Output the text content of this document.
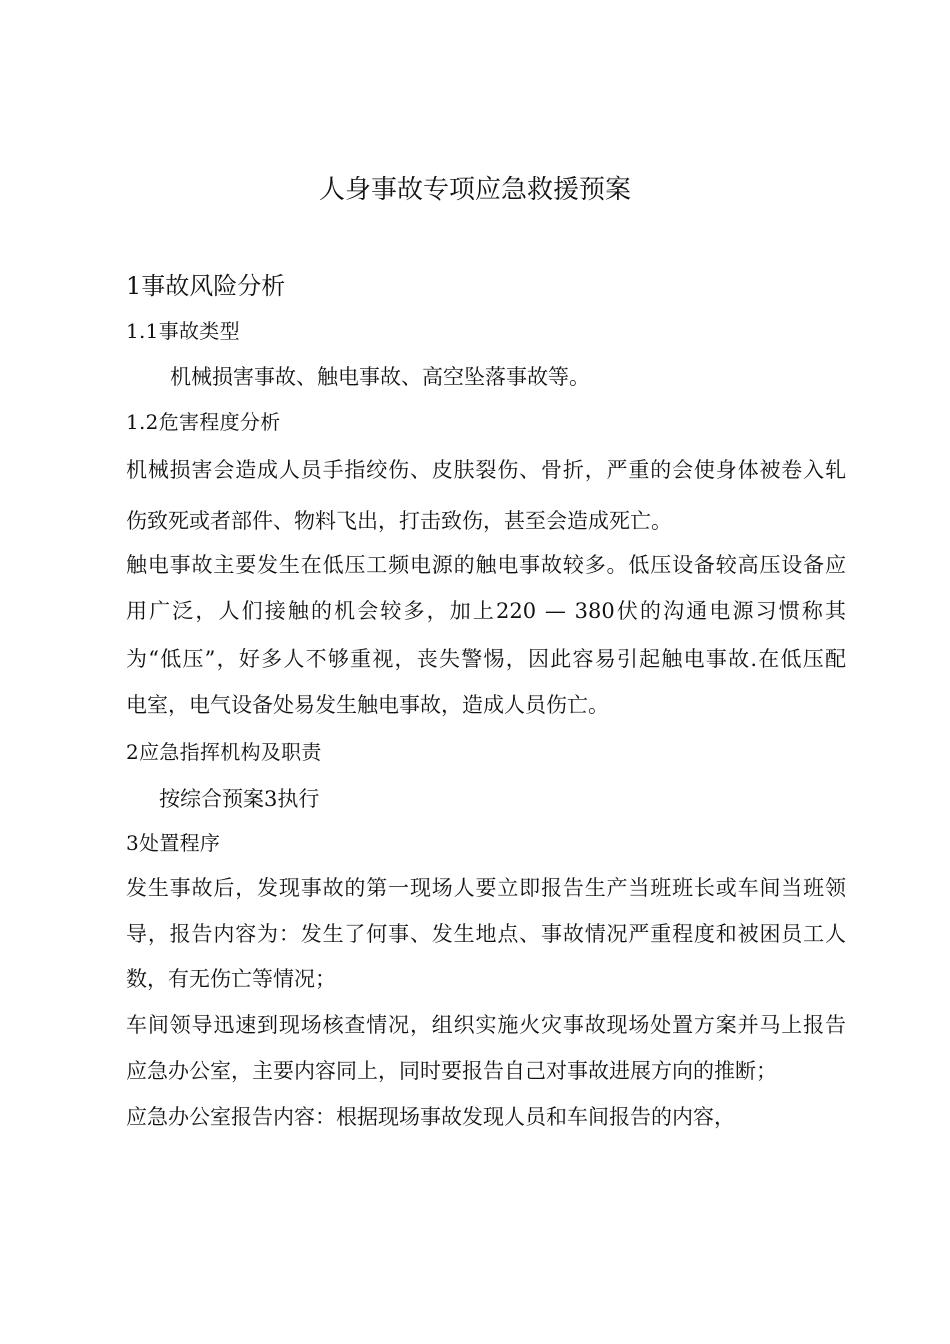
人身事故专项应急救援预案
1事故风险分析
1.1事故类型
机械损害事故、触电事故、高空坠落事故等。
1.2危害程度分析
机械损害会造成人员手指绞伤、皮肤裂伤、骨折，严重的会使身体被卷入轧
伤致死或者部件、物料飞出，打击致伤，甚至会造成死亡。
触电事故主要发生在低压工频电源的触电事故较多。低压设备较高压设备应
用广泛，人们接触的机会较多，加上220 — 380伏的沟通电源习惯称其
为“低压”，好多人不够重视，丧失警惕，因此容易引起触电事故.在低压配
电室，电气设备处易发生触电事故，造成人员伤亡。
2应急指挥机构及职责
按综合预案3执行
3处置程序
发生事故后，发现事故的第一现场人要立即报告生产当班班长或车间当班领
导，报告内容为：发生了何事、发生地点、事故情况严重程度和被困员工人
数，有无伤亡等情况；
车间领导迅速到现场核查情况，组织实施火灾事故现场处置方案并马上报告
应急办公室，主要内容同上，同时要报告自己对事故进展方向的推断；
应急办公室报告内容：根据现场事故发现人员和车间报告的内容，
